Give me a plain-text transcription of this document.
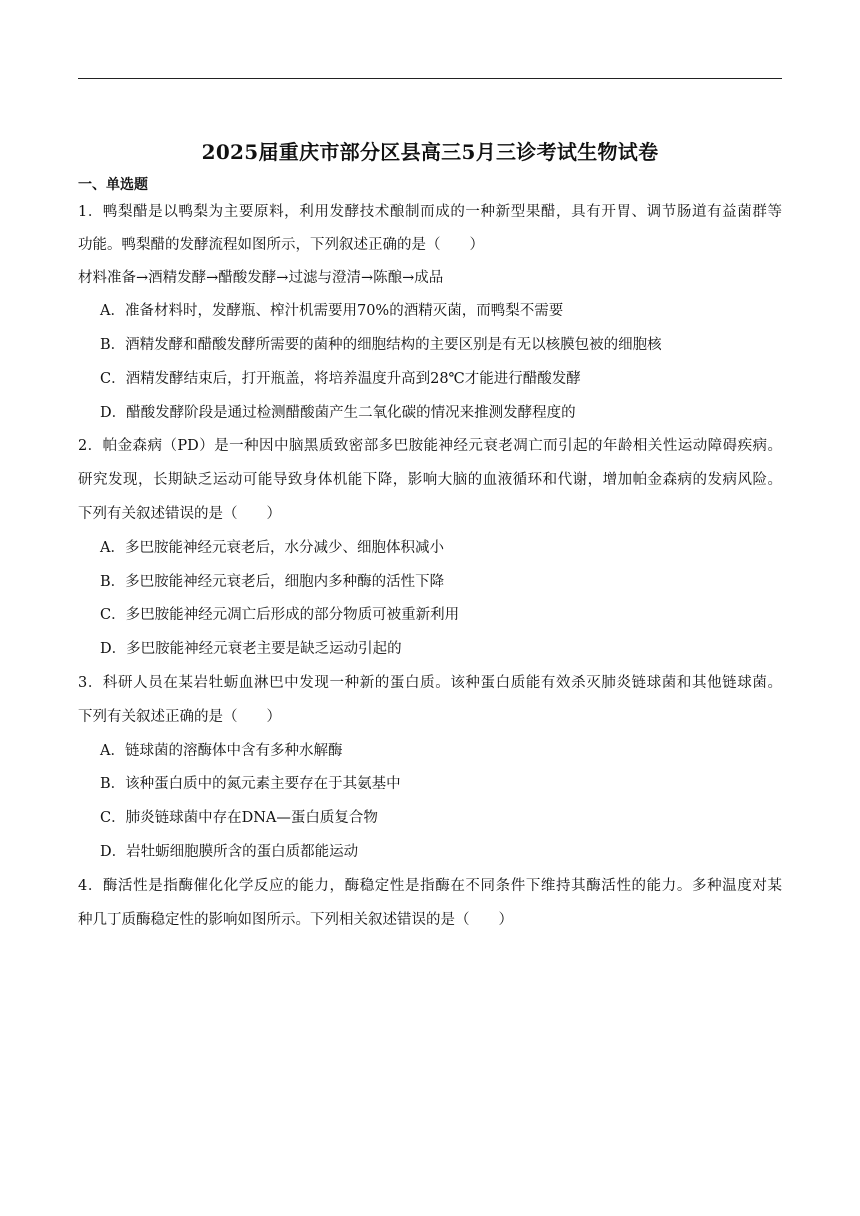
2025届重庆市部分区县高三5月三诊考试生物试卷
一、单选题
1．鸭梨醋是以鸭梨为主要原料，利用发酵技术酿制而成的一种新型果醋，具有开胃、调节肠道有益菌群等
功能。鸭梨醋的发酵流程如图所示，下列叙述正确的是（　　）
材料准备→酒精发酵→醋酸发酵→过滤与澄清→陈酿→成品
A．准备材料时，发酵瓶、榨汁机需要用70%的酒精灭菌，而鸭梨不需要
B．酒精发酵和醋酸发酵所需要的菌种的细胞结构的主要区别是有无以核膜包被的细胞核
C．酒精发酵结束后，打开瓶盖，将培养温度升高到28℃才能进行醋酸发酵
D．醋酸发酵阶段是通过检测醋酸菌产生二氧化碳的情况来推测发酵程度的
2．帕金森病（PD）是一种因中脑黑质致密部多巴胺能神经元衰老凋亡而引起的年龄相关性运动障碍疾病。
研究发现，长期缺乏运动可能导致身体机能下降，影响大脑的血液循环和代谢，增加帕金森病的发病风险。
下列有关叙述错误的是（　　）
A．多巴胺能神经元衰老后，水分减少、细胞体积减小
B．多巴胺能神经元衰老后，细胞内多种酶的活性下降
C．多巴胺能神经元凋亡后形成的部分物质可被重新利用
D．多巴胺能神经元衰老主要是缺乏运动引起的
3．科研人员在某岩牡蛎血淋巴中发现一种新的蛋白质。该种蛋白质能有效杀灭肺炎链球菌和其他链球菌。
下列有关叙述正确的是（　　）
A．链球菌的溶酶体中含有多种水解酶
B．该种蛋白质中的氮元素主要存在于其氨基中
C．肺炎链球菌中存在DNA—蛋白质复合物
D．岩牡蛎细胞膜所含的蛋白质都能运动
4．酶活性是指酶催化化学反应的能力，酶稳定性是指酶在不同条件下维持其酶活性的能力。多种温度对某
种几丁质酶稳定性的影响如图所示。下列相关叙述错误的是（　　）
